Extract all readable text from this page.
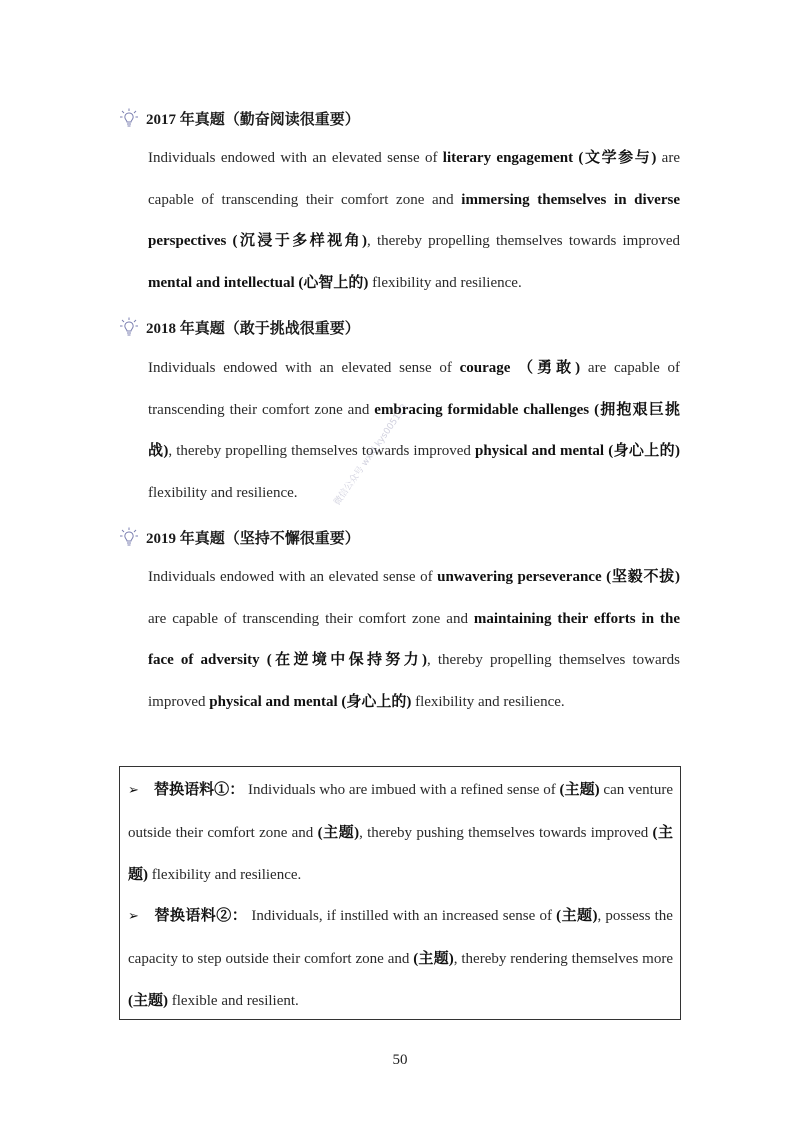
2017 年真题（勤奋阅读很重要）
Individuals endowed with an elevated sense of literary engagement (文学参与) are capable of transcending their comfort zone and immersing themselves in diverse perspectives (沉浸于多样视角), thereby propelling themselves towards improved mental and intellectual (心智上的) flexibility and resilience.
2018 年真题（敢于挑战很重要）
Individuals endowed with an elevated sense of courage （勇敢) are capable of transcending their comfort zone and embracing formidable challenges (拥抱艰巨挑战), thereby propelling themselves towards improved physical and mental (身心上的) flexibility and resilience.
2019 年真题（坚持不懈很重要）
Individuals endowed with an elevated sense of unwavering perseverance (坚毅不拔) are capable of transcending their comfort zone and maintaining their efforts in the face of adversity (在逆境中保持努力), thereby propelling themselves towards improved physical and mental (身心上的) flexibility and resilience.
微信公众号 wxid kys005123
➢ 替换语料①： Individuals who are imbued with a refined sense of (主题) can venture outside their comfort zone and (主题), thereby pushing themselves towards improved (主题) flexibility and resilience.
➢ 替换语料②： Individuals, if instilled with an increased sense of (主题), possess the capacity to step outside their comfort zone and (主题), thereby rendering themselves more (主题) flexible and resilient.
50
